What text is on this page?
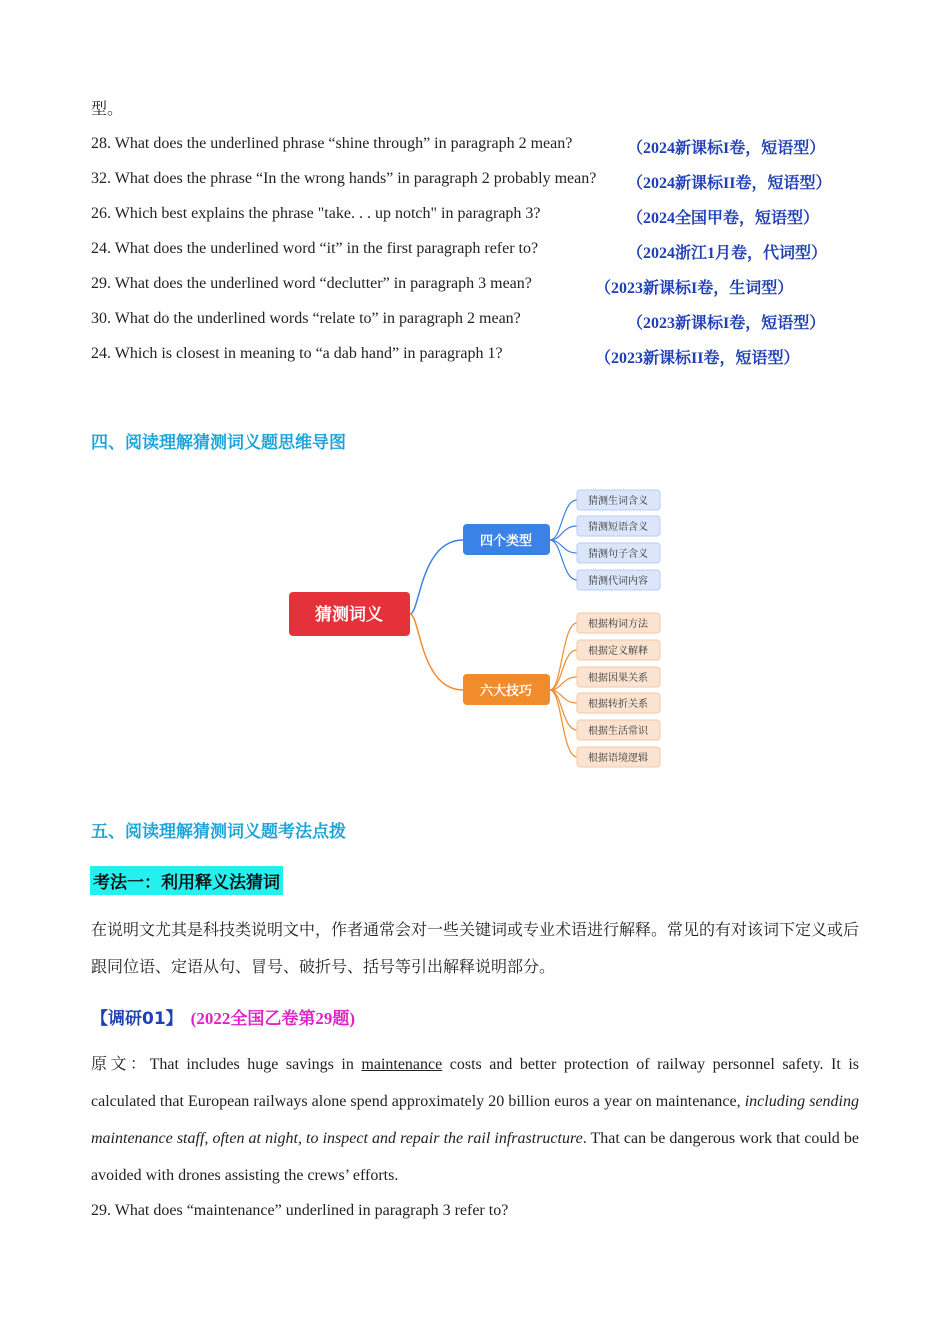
型。
28. What does the underlined phrase “shine through” in paragraph 2 mean?	（2024新课标I卷，短语型）
32. What does the phrase “In the wrong hands” in paragraph 2 probably mean? （2024新课标II卷，短语型）
26. Which best explains the phrase "take. . . up notch" in paragraph 3?	（2024全国甲卷，短语型）
24. What does the underlined word “it” in the first paragraph refer to?	（2024浙江1月卷，代词型）
29. What does the underlined word “declutter” in paragraph 3 mean?	（2023新课标I卷，生词型）
30. What do the underlined words “relate to” in paragraph 2 mean?	（2023新课标I卷，短语型）
24. Which is closest in meaning to “a dab hand” in paragraph 1?	（2023新课标II卷，短语型）
四、阅读理解猜测词义题思维导图
猜测词义
四个类型
六大技巧
猜测生词含义
猜测短语含义
猜测句子含义
猜测代词内容
根据构词方法
根据定义解释
根据因果关系
根据转折关系
根据生活常识
根据语境逻辑
五、阅读理解猜测词义题考法点拨
考法一：利用释义法猜词
在说明文尤其是科技类说明文中，作者通常会对一些关键词或专业术语进行解释。常见的有对该词下定义或后跟同位语、定语从句、冒号、破折号、括号等引出解释说明部分。
【调研01】 (2022全国乙卷第29题)
原文：That includes huge savings in maintenance costs and better protection of railway personnel safety. It is calculated that European railways alone spend approximately 20 billion euros a year on maintenance, including sending maintenance staff, often at night, to inspect and repair the rail infrastructure. That can be dangerous work that could be avoided with drones assisting the crews’ efforts.
29. What does “maintenance” underlined in paragraph 3 refer to?
